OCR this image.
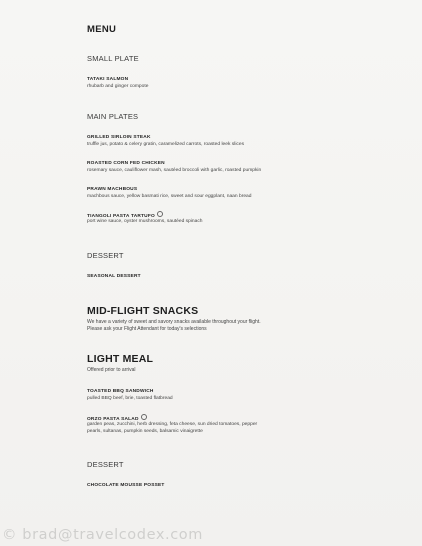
MENU
SMALL PLATE
TATAKI SALMON
rhubarb and ginger compote
MAIN PLATES
GRILLED SIRLOIN STEAK
truffle jus, potato & celery gratin, caramelized carrots, roasted leek slices
ROASTED CORN FED CHICKEN
rosemary sauce, cauliflower mash, sautéed broccoli with garlic, roasted pumpkin
PRAWN MACHBOUS
machbous sauce, yellow basmati rice, sweet and sour eggplant, naan bread
TIANGOLI PASTA TARTUFO
port wine sauce, oyster mushrooms, sautéed spinach
DESSERT
SEASONAL DESSERT
MID-FLIGHT SNACKS
We have a variety of sweet and savory snacks available throughout your flight.
Please ask your Flight Attendant for today's selections
LIGHT MEAL
Offered prior to arrival
TOASTED BBQ SANDWICH
pulled BBQ beef, brie, toasted flatbread
ORZO PASTA SALAD
garden peas, zucchini, herb dressing, feta cheese, sun dried tomatoes, pepper
pearls, sultanas, pumpkin seeds, balsamic vinaigrette
DESSERT
CHOCOLATE MOUSSE POSSET
© brad@travelcodex.com
